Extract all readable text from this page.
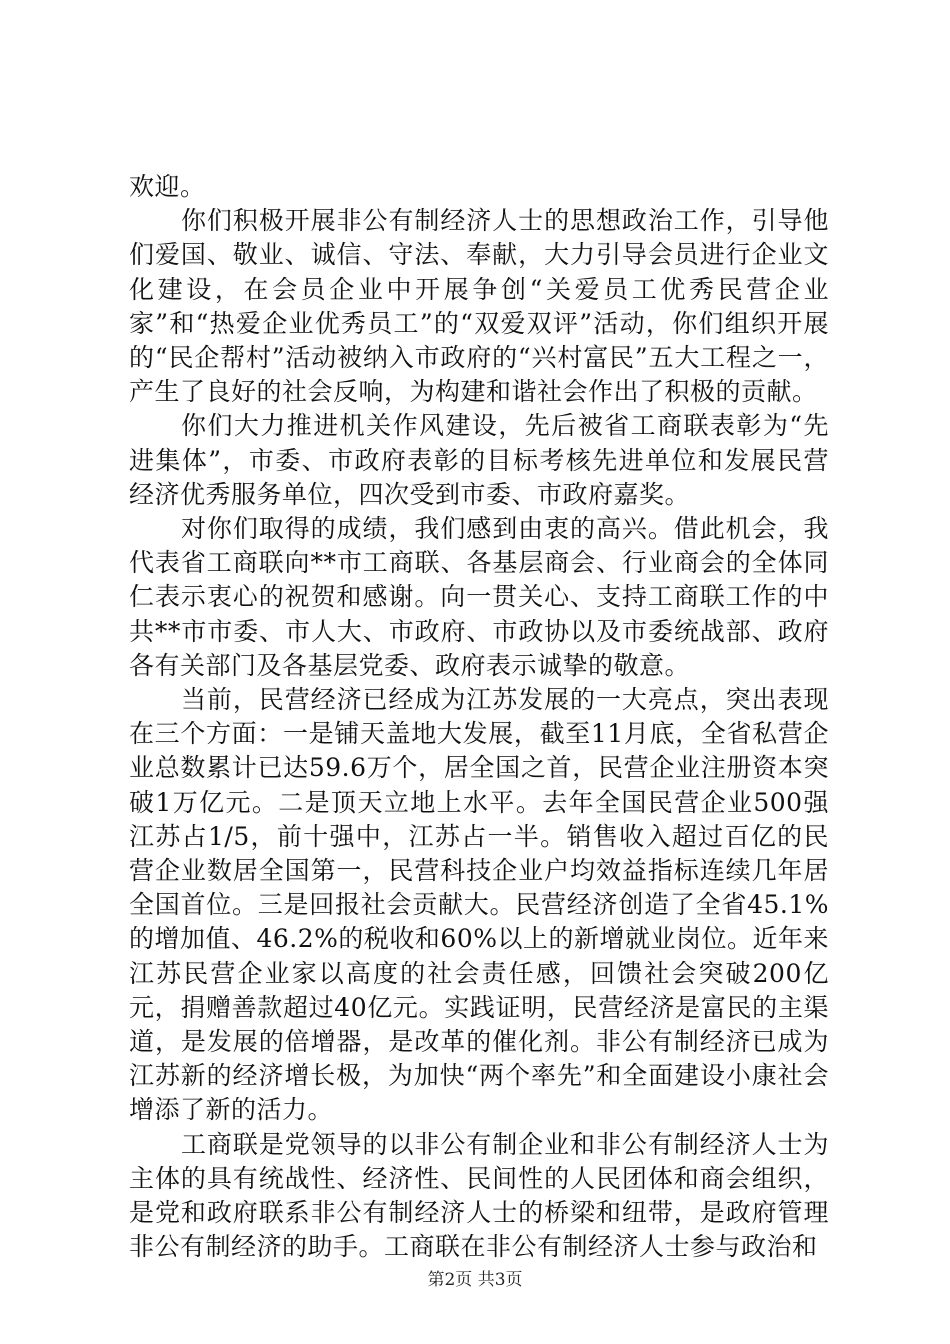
欢迎。

你们积极开展非公有制经济人士的思想政治工作，引导他们爱国、敬业、诚信、守法、奉献，大力引导会员进行企业文化建设，在会员企业中开展争创“关爱员工优秀民营企业家”和“热爱企业优秀员工”的“双爱双评”活动，你们组织开展的“民企帮村”活动被纳入市政府的“兴村富民”五大工程之一，产生了良好的社会反响，为构建和谐社会作出了积极的贡献。

你们大力推进机关作风建设，先后被省工商联表彰为“先进集体”，市委、市政府表彰的目标考核先进单位和发展民营经济优秀服务单位，四次受到市委、市政府嘉奖。

对你们取得的成绩，我们感到由衷的高兴。借此机会，我代表省工商联向**市工商联、各基层商会、行业商会的全体同仁表示衷心的祝贺和感谢。向一贯关心、支持工商联工作的中共**市市委、市人大、市政府、市政协以及市委统战部、政府各有关部门及各基层党委、政府表示诚挚的敬意。

当前，民营经济已经成为江苏发展的一大亮点，突出表现在三个方面：一是铺天盖地大发展，截至11月底，全省私营企业总数累计已达59.6万个，居全国之首，民营企业注册资本突破1万亿元。二是顶天立地上水平。去年全国民营企业500强江苏占1/5，前十强中，江苏占一半。销售收入超过百亿的民营企业数居全国第一，民营科技企业户均效益指标连续几年居全国首位。三是回报社会贡献大。民营经济创造了全省45.1%的增加值、46.2%的税收和60%以上的新增就业岗位。近年来江苏民营企业家以高度的社会责任感，回馈社会突破200亿元，捐赠善款超过40亿元。实践证明，民营经济是富民的主渠道，是发展的倍增器，是改革的催化剂。非公有制经济已成为江苏新的经济增长极，为加快“两个率先”和全面建设小康社会增添了新的活力。

工商联是党领导的以非公有制企业和非公有制经济人士为主体的具有统战性、经济性、民间性的人民团体和商会组织，是党和政府联系非公有制经济人士的桥梁和纽带，是政府管理非公有制经济的助手。工商联在非公有制经济人士参与政治和

第2页 共3页
